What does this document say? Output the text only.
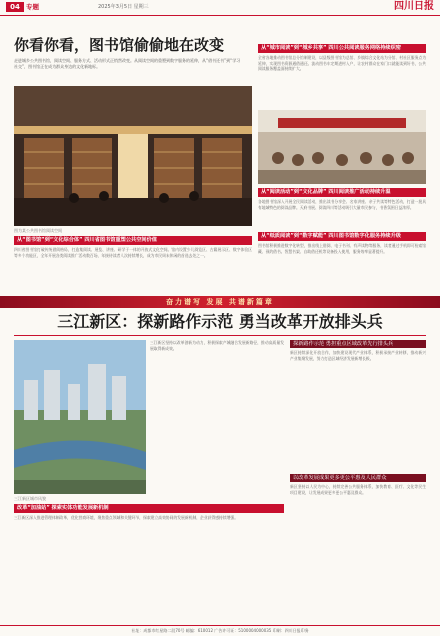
04 专题	2025年3月5日 星期三	四川日报
你看你看，图书馆偷偷地在改变
走进城乡公共图书馆，阅读空间、服务方式、活动形式正悄然改变。从阅读空间的重塑到数字服务的延伸，从“借书还书”到“学习社交”，图书馆正在成为群众身边的文化新地标。
图为某公共图书馆阅读空间
从“图书馆”到“文化综合体” 四川省图书馆重塑公共空间价值
四川省图书馆打破传统借阅格局，打造集阅读、展览、讲座、研学于一体的开放式文化空间。馆内设置少儿阅览区、古籍展示区、数字体验区等多个功能区，全年开展各类阅读推广活动数百场，年接待读者人次持续增长，成为市民周末休闲的首选去处之一。
从“城市阅读”到“城乡共享” 四川公共阅读服务网络持续织密
全省各地推动图书馆总分馆制建设，以县级图书馆为总馆、乡镇综合文化站为分馆、村社区服务点为延伸，实现图书资源通借通还。流动图书车定期进村入户，让农村群众在家门口就能读到好书，公共阅读服务覆盖面持续扩大。
从“阅读活动”到“文化品牌” 四川阅读推广活动持续升温
各地图书馆深入开展全民阅读活动，推出读书分享会、名家讲座、亲子共读等特色活动，打造一批具有地域特色的阅读品牌。天府书展、阅读四川等活动吸引大量市民参与，书香氛围日益浓厚。
从“纸质阅读”到“数字赋能” 四川图书馆数字化服务持续升级
图书馆积极推进数字化转型，推出线上借阅、电子书刊、有声读物等服务，读者通过手机即可检索馆藏、预约借书。智慧书架、自助借还机等设备投入使用，服务效率显著提升。
奋力谱写 发展 共谱新篇章
三江新区：探新路作示范 勇当改革开放排头兵
三江新区城市风貌
三江新区坚持以改革创新为动力，积极探索产城融合发展新路径，推动高质量发展取得新成效。
改革“加油站” 探索实体功能发展新机制
三江新区深入推进管理体制改革，优化营商环境，聚焦重点领域和关键环节，探索建立高效协同的发展新机制，企业获得感持续增强。
探新路作示范 勇担重点区域改革先行排头兵
新区持续深化开放合作，加快建设现代产业体系，积极承接产业转移，推动新兴产业集聚发展，努力打造区域经济发展新增长极。
以改革发展成果更多更公平惠及人民群众
新区坚持以人民为中心，持续完善公共服务体系，加快教育、医疗、文化等民生项目建设，让发展成果更多更公平惠及群众。
社址：成都市红星路二段70号 邮编：610012 广告许可证：5100004000035 印刷：四川日报印务
